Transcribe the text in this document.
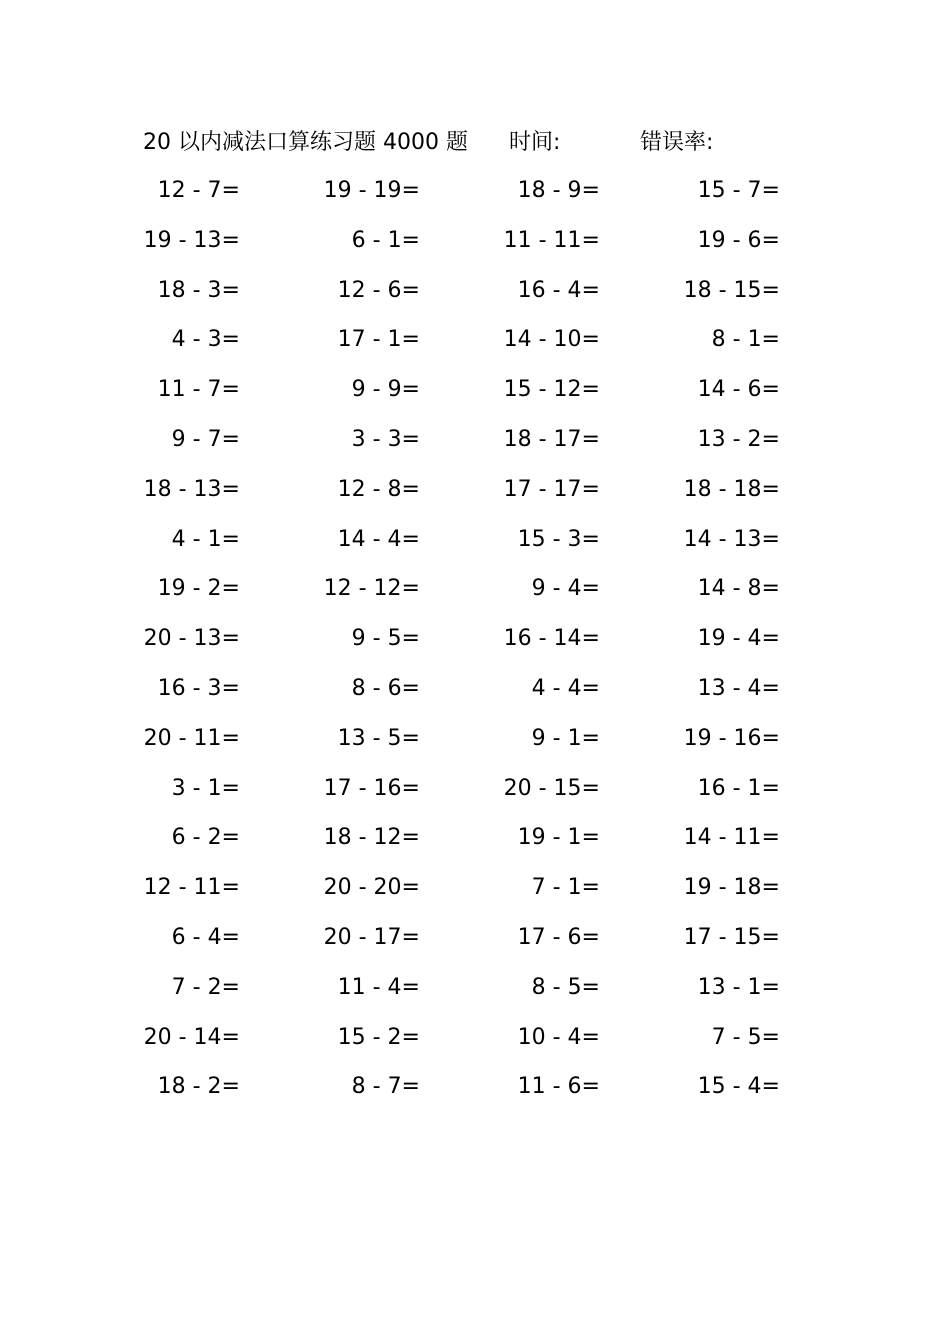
20 以内减法口算练习题 4000 题 时间:	错误率:
12 - 7=	19 - 19=	18 - 9=	15 - 7=
19 - 13=	6 - 1=	11 - 11=	19 - 6=
18 - 3=	12 - 6=	16 - 4=	18 - 15=
4 - 3=	17 - 1=	14 - 10=	8 - 1=
11 - 7=	9 - 9=	15 - 12=	14 - 6=
9 - 7=	3 - 3=	18 - 17=	13 - 2=
18 - 13=	12 - 8=	17 - 17=	18 - 18=
4 - 1=	14 - 4=	15 - 3=	14 - 13=
19 - 2=	12 - 12=	9 - 4=	14 - 8=
20 - 13=	9 - 5=	16 - 14=	19 - 4=
16 - 3=	8 - 6=	4 - 4=	13 - 4=
20 - 11=	13 - 5=	9 - 1=	19 - 16=
3 - 1=	17 - 16=	20 - 15=	16 - 1=
6 - 2=	18 - 12=	19 - 1=	14 - 11=
12 - 11=	20 - 20=	7 - 1=	19 - 18=
6 - 4=	20 - 17=	17 - 6=	17 - 15=
7 - 2=	11 - 4=	8 - 5=	13 - 1=
20 - 14=	15 - 2=	10 - 4=	7 - 5=
18 - 2=	8 - 7=	11 - 6=	15 - 4=
